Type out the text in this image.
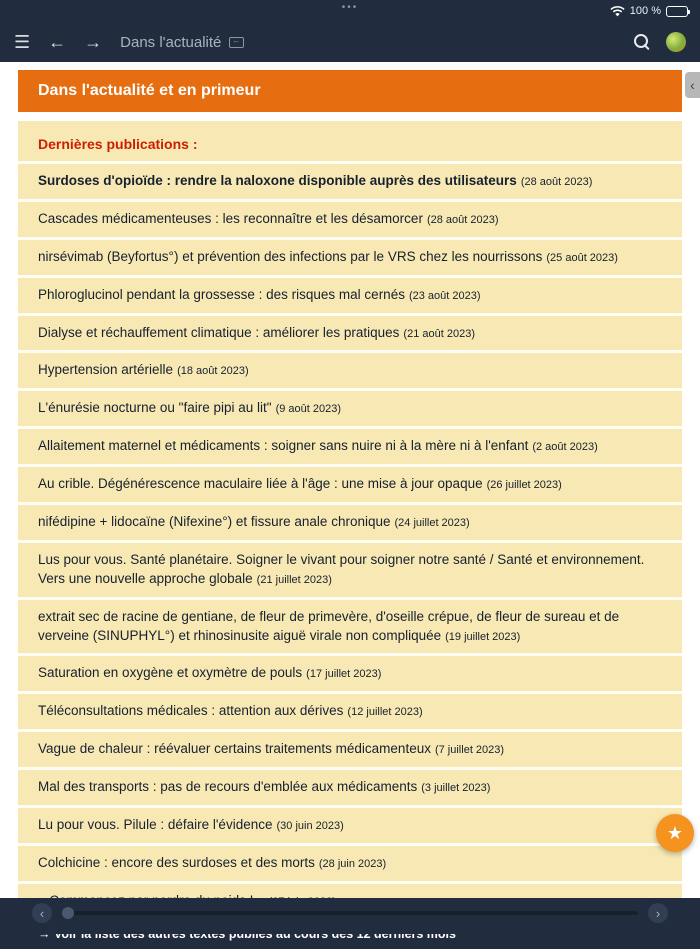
•••	100 %
☰ ← → Dans l'actualité
←
Dans l'actualité et en primeur	‹
Dernières publications :
Surdoses d'opioïde : rendre la naloxone disponible auprès des utilisateurs (28 août 2023)
Cascades médicamenteuses : les reconnaître et les désamorcer (28 août 2023)
nirsévimab (Beyfortus°) et prévention des infections par le VRS chez les nourrissons (25 août 2023)
Phloroglucinol pendant la grossesse : des risques mal cernés (23 août 2023)
Dialyse et réchauffement climatique : améliorer les pratiques (21 août 2023)
Hypertension artérielle (18 août 2023)
L'énurésie nocturne ou "faire pipi au lit" (9 août 2023)
Allaitement maternel et médicaments : soigner sans nuire ni à la mère ni à l'enfant (2 août 2023)
Au crible. Dégénérescence maculaire liée à l'âge : une mise à jour opaque (26 juillet 2023)
nifédipine + lidocaïne (Nifexine°) et fissure anale chronique (24 juillet 2023)
Lus pour vous. Santé planétaire. Soigner le vivant pour soigner notre santé / Santé et environnement. Vers une nouvelle approche globale (21 juillet 2023)
extrait sec de racine de gentiane, de fleur de primevère, d'oseille crépue, de fleur de sureau et de verveine (SINUPHYL°) et rhinosinusite aiguë virale non compliquée (19 juillet 2023)
Saturation en oxygène et oxymètre de pouls (17 juillet 2023)
Téléconsultations médicales : attention aux dérives (12 juillet 2023)
Vague de chaleur : réévaluer certains traitements médicamenteux (7 juillet 2023)
Mal des transports : pas de recours d'emblée aux médicaments (3 juillet 2023)
Lu pour vous. Pilule : défaire l'évidence (30 juin 2023)
Colchicine : encore des surdoses et des morts (28 juin 2023)
★
‹	›
